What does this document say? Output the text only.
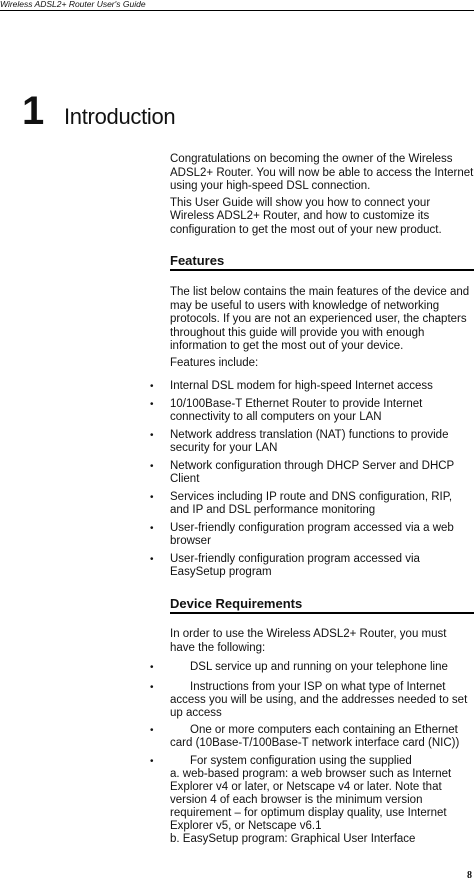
Wireless ADSL2+ Router User's Guide
1 Introduction

Congratulations on becoming the owner of the Wireless ADSL2+ Router. You will now be able to access the Internet using your high-speed DSL connection.

This User Guide will show you how to connect your Wireless ADSL2+ Router, and how to customize its configuration to get the most out of your new product.

Features

The list below contains the main features of the device and may be useful to users with knowledge of networking protocols. If you are not an experienced user, the chapters throughout this guide will provide you with enough information to get the most out of your device.

Features include:

• Internal DSL modem for high-speed Internet access
• 10/100Base-T Ethernet Router to provide Internet connectivity to all computers on your LAN
• Network address translation (NAT) functions to provide security for your LAN
• Network configuration through DHCP Server and DHCP Client
• Services including IP route and DNS configuration, RIP, and IP and DSL performance monitoring
• User-friendly configuration program accessed via a web browser
• User-friendly configuration program accessed via EasySetup program
Device Requirements

In order to use the Wireless ADSL2+ Router, you must have the following:

•	DSL service up and running on your telephone line
•	Instructions from your ISP on what type of Internet access you will be using, and the addresses needed to set up access
•	One or more computers each containing an Ethernet card (10Base-T/100Base-T network interface card (NIC))
•	For system configuration using the supplied
a. web-based program: a web browser such as Internet Explorer v4 or later, or Netscape v4 or later. Note that version 4 of each browser is the minimum version requirement – for optimum display quality, use Internet Explorer v5, or Netscape v6.1
b. EasySetup program: Graphical User Interface
8
